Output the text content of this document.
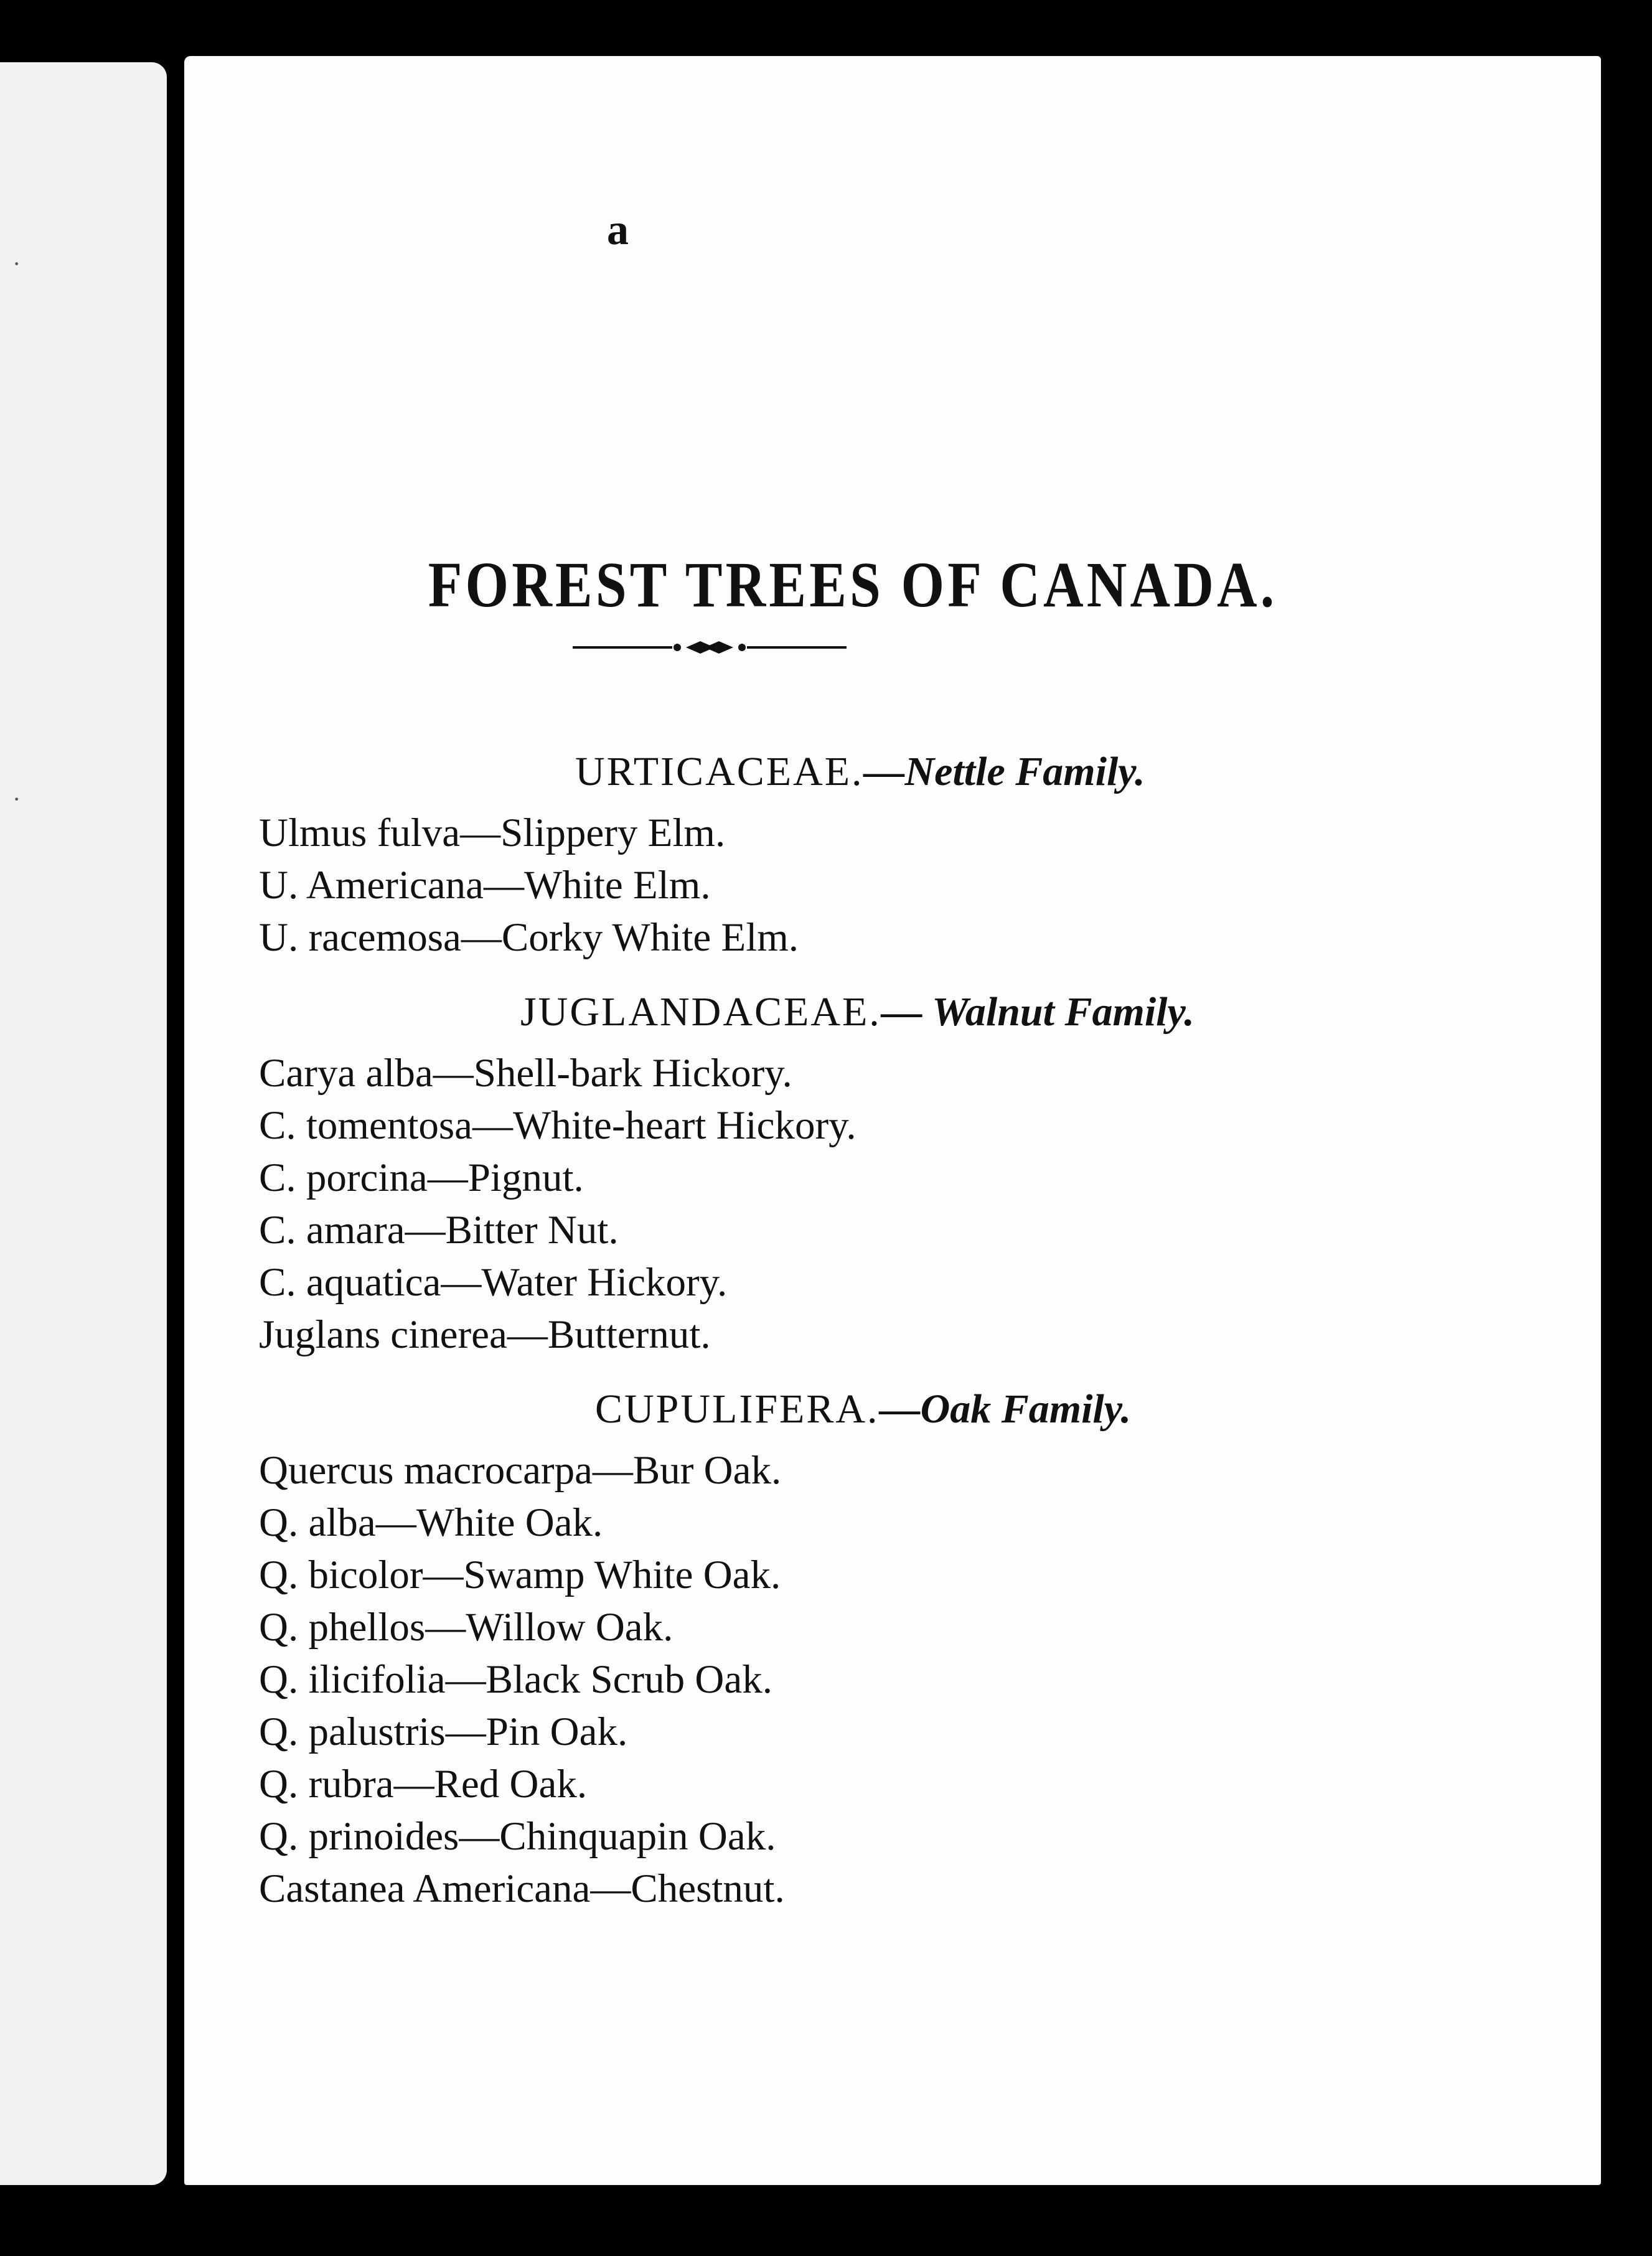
·
·
a
FOREST TREES OF CANADA.
URTICACEAE.—Nettle Family.
Ulmus fulva—Slippery Elm.
U. Americana—White Elm.
U. racemosa—Corky White Elm.
JUGLANDACEAE.— Walnut Family.
Carya alba—Shell-bark Hickory.
C. tomentosa—White-heart Hickory.
C. porcina—Pignut.
C. amara—Bitter Nut.
C. aquatica—Water Hickory.
Juglans cinerea—Butternut.
CUPULIFERA.—Oak Family.
Quercus macrocarpa—Bur Oak.
Q. alba—White Oak.
Q. bicolor—Swamp White Oak.
Q. phellos—Willow Oak.
Q. ilicifolia—Black Scrub Oak.
Q. palustris—Pin Oak.
Q. rubra—Red Oak.
Q. prinoides—Chinquapin Oak.
Castanea Americana—Chestnut.
